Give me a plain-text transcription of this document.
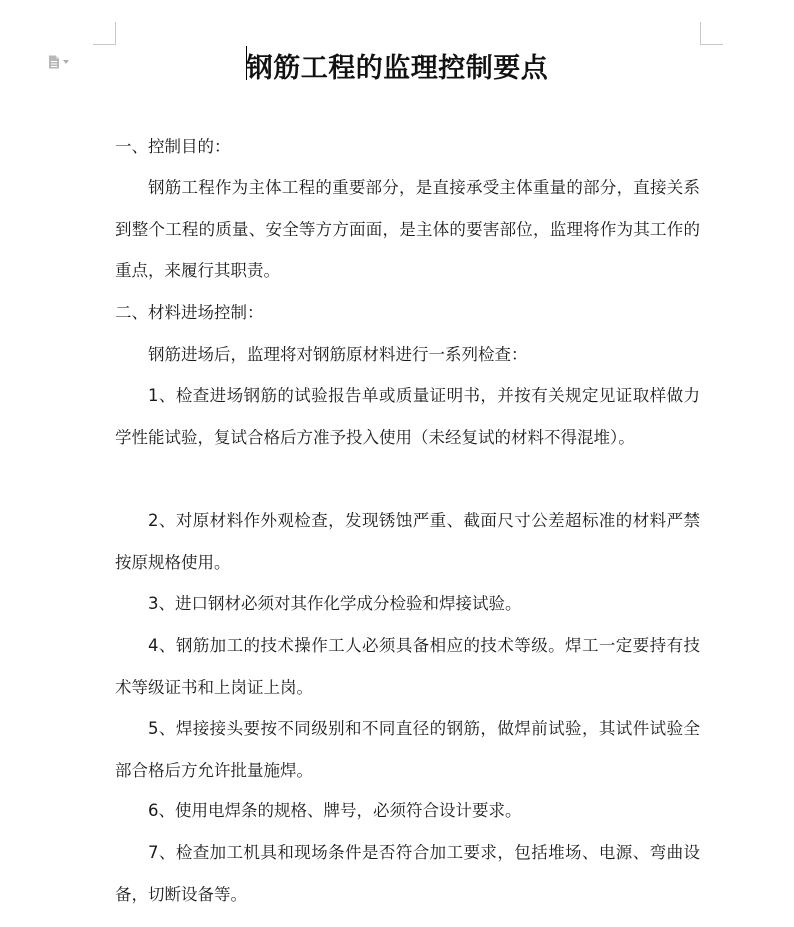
钢筋工程的监理控制要点

一、控制目的：

钢筋工程作为主体工程的重要部分，是直接承受主体重量的部分，直接关系到整个工程的质量、安全等方方面面，是主体的要害部位，监理将作为其工作的重点，来履行其职责。

二、材料进场控制：

钢筋进场后，监理将对钢筋原材料进行一系列检查：

1、检查进场钢筋的试验报告单或质量证明书，并按有关规定见证取样做力学性能试验，复试合格后方准予投入使用（未经复试的材料不得混堆）。

2、对原材料作外观检查，发现锈蚀严重、截面尺寸公差超标准的材料严禁按原规格使用。

3、进口钢材必须对其作化学成分检验和焊接试验。

4、钢筋加工的技术操作工人必须具备相应的技术等级。焊工一定要持有技术等级证书和上岗证上岗。

5、焊接接头要按不同级别和不同直径的钢筋，做焊前试验，其试件试验全部合格后方允许批量施焊。

6、使用电焊条的规格、牌号，必须符合设计要求。

7、检查加工机具和现场条件是否符合加工要求，包括堆场、电源、弯曲设备，切断设备等。
